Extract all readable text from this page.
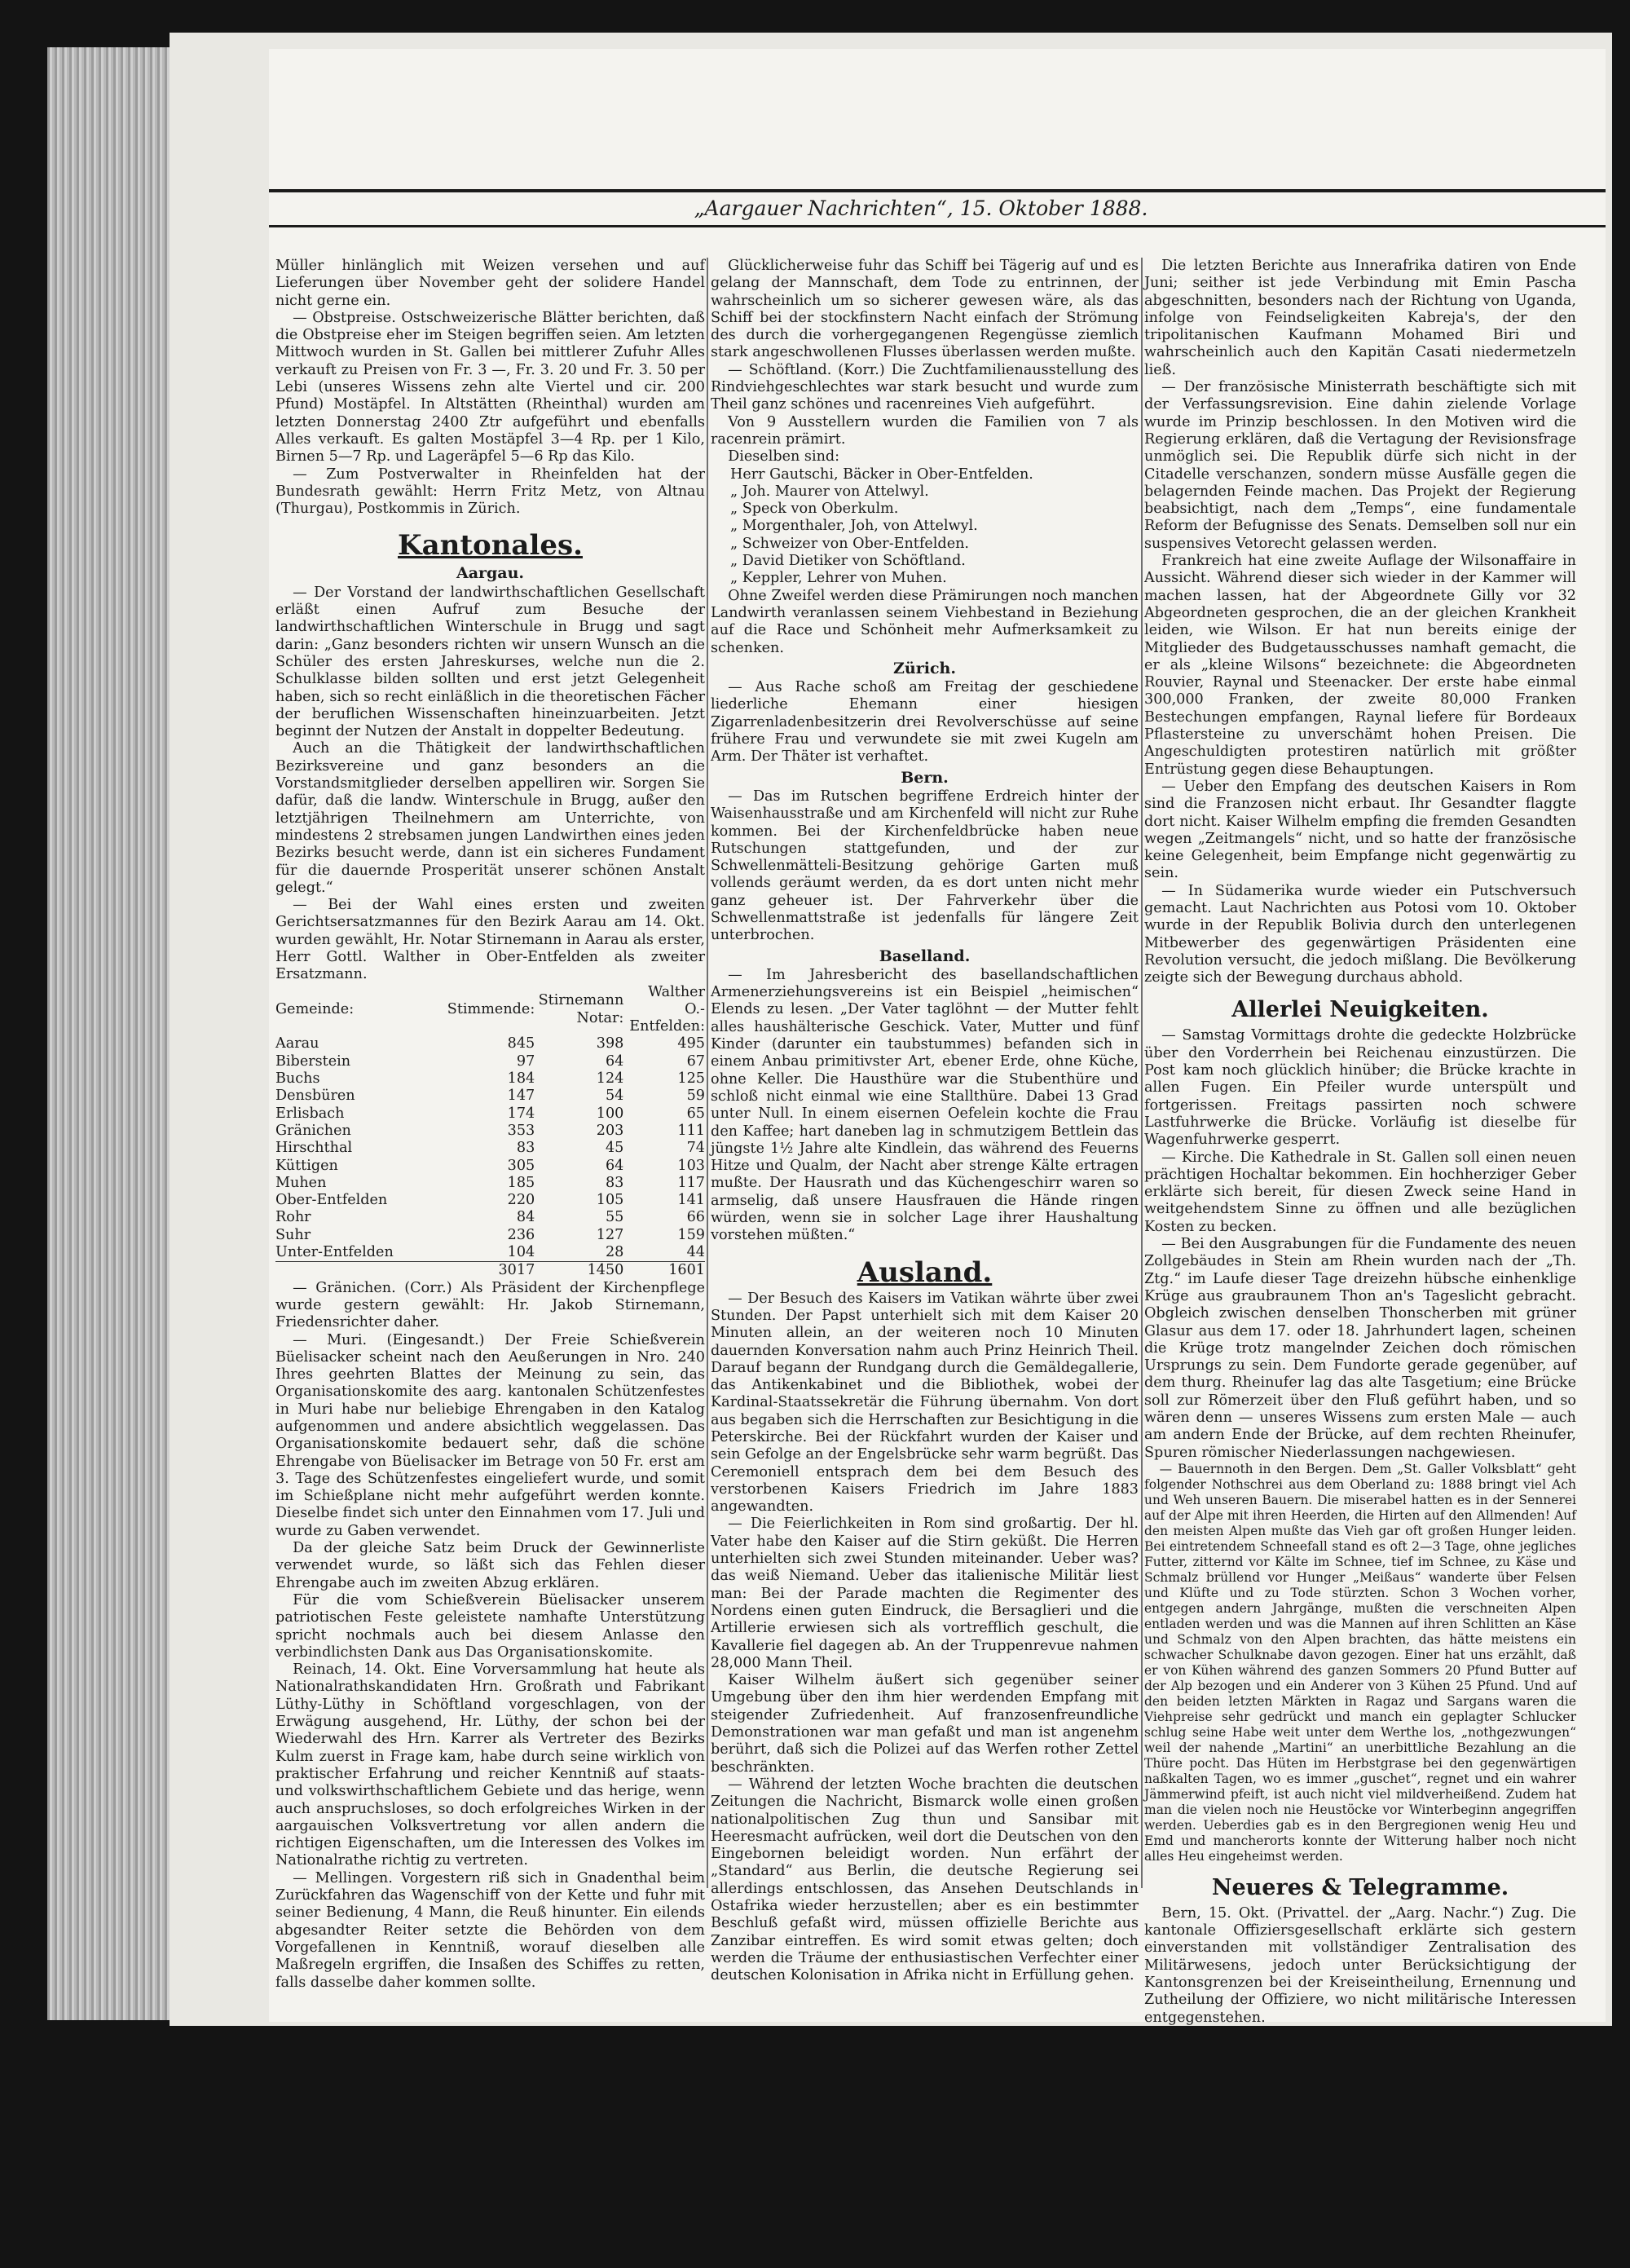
„Aargauer Nachrichten“, 15. Oktober 1888.

Müller hinlänglich mit Weizen versehen und auf Lieferungen über November geht der solidere Handel nicht gerne ein.

— Obstpreise. Ostschweizerische Blätter berichten, daß die Obstpreise eher im Steigen begriffen seien. Am letzten Mittwoch wurden in St. Gallen bei mittlerer Zufuhr Alles verkauft zu Preisen von Fr. 3 —, Fr. 3. 20 und Fr. 3. 50 per Lebi (unseres Wissens zehn alte Viertel und cir. 200 Pfund) Mostäpfel. In Altstätten (Rheinthal) wurden am letzten Donnerstag 2400 Ztr aufgeführt und ebenfalls Alles verkauft. Es galten Mostäpfel 3—4 Rp. per 1 Kilo, Birnen 5—7 Rp. und Lageräpfel 5—6 Rp das Kilo.

— Zum Postverwalter in Rheinfelden hat der Bundesrath gewählt: Herrn Fritz Metz, von Altnau (Thurgau), Postkommis in Zürich.

Kantonales.

Aargau.

— Der Vorstand der landwirthschaftlichen Gesellschaft erläßt einen Aufruf zum Besuche der landwirthschaftlichen Winterschule in Brugg und sagt darin: „Ganz besonders richten wir unsern Wunsch an die Schüler des ersten Jahreskurses, welche nun die 2. Schulklasse bilden sollten und erst jetzt Gelegenheit haben, sich so recht einläßlich in die theoretischen Fächer der beruflichen Wissenschaften hineinzuarbeiten. Jetzt beginnt der Nutzen der Anstalt in doppelter Bedeutung.

Auch an die Thätigkeit der landwirthschaftlichen Bezirksvereine und ganz besonders an die Vorstandsmitglieder derselben appelliren wir. Sorgen Sie dafür, daß die landw. Winterschule in Brugg, außer den letztjährigen Theilnehmern am Unterrichte, von mindestens 2 strebsamen jungen Landwirthen eines jeden Bezirks besucht werde, dann ist ein sicheres Fundament für die dauernde Prosperität unserer schönen Anstalt gelegt.“

— Bei der Wahl eines ersten und zweiten Gerichtsersatzmannes für den Bezirk Aarau am 14. Okt. wurden gewählt, Hr. Notar Stirnemann in Aarau als erster, Herr Gottl. Walther in Ober-Entfelden als zweiter Ersatzmann.

Gemeinde:	Stimmende:	Stirnemann Notar:	Walther O.-Entfelden:
Aarau	845	398	495
Biberstein	97	64	67
Buchs	184	124	125
Densbüren	147	54	59
Erlisbach	174	100	65
Gränichen	353	203	111
Hirschthal	83	45	74
Küttigen	305	64	103
Muhen	185	83	117
Ober-Entfelden	220	105	141
Rohr	84	55	66
Suhr	236	127	159
Unter-Entfelden	104	28	44
	3017	1450	1601

— Gränichen. (Corr.) Als Präsident der Kirchenpflege wurde gestern gewählt: Hr. Jakob Stirnemann, Friedensrichter daher.

— Muri. (Eingesandt.) Der Freie Schießverein Büelisacker scheint nach den Aeußerungen in Nro. 240 Ihres geehrten Blattes der Meinung zu sein, das Organisationskomite des aarg. kantonalen Schützenfestes in Muri habe nur beliebige Ehrengaben in den Katalog aufgenommen und andere absichtlich weggelassen. Das Organisationskomite bedauert sehr, daß die schöne Ehrengabe von Büelisacker im Betrage von 50 Fr. erst am 3. Tage des Schützenfestes eingeliefert wurde, und somit im Schießplane nicht mehr aufgeführt werden konnte. Dieselbe findet sich unter den Einnahmen vom 17. Juli und wurde zu Gaben verwendet.

Da der gleiche Satz beim Druck der Gewinnerliste verwendet wurde, so läßt sich das Fehlen dieser Ehrengabe auch im zweiten Abzug erklären.

Für die vom Schießverein Büelisacker unserem patriotischen Feste geleistete namhafte Unterstützung spricht nochmals auch bei diesem Anlasse den verbindlichsten Dank aus Das Organisationskomite.

Reinach, 14. Okt. Eine Vorversammlung hat heute als Nationalrathskandidaten Hrn. Großrath und Fabrikant Lüthy-Lüthy in Schöftland vorgeschlagen, von der Erwägung ausgehend, Hr. Lüthy, der schon bei der Wiederwahl des Hrn. Karrer als Vertreter des Bezirks Kulm zuerst in Frage kam, habe durch seine wirklich von praktischer Erfahrung und reicher Kenntniß auf staats- und volkswirthschaftlichem Gebiete und das herige, wenn auch anspruchsloses, so doch erfolgreiches Wirken in der aargauischen Volksvertretung vor allen andern die richtigen Eigenschaften, um die Interessen des Volkes im Nationalrathe richtig zu vertreten.

— Mellingen. Vorgestern riß sich in Gnadenthal beim Zurückfahren das Wagenschiff von der Kette und fuhr mit seiner Bedienung, 4 Mann, die Reuß hinunter. Ein eilends abgesandter Reiter setzte die Behörden von dem Vorgefallenen in Kenntniß, worauf dieselben alle Maßregeln ergriffen, die Insaßen des Schiffes zu retten, falls dasselbe daher kommen sollte.

Glücklicherweise fuhr das Schiff bei Tägerig auf und es gelang der Mannschaft, dem Tode zu entrinnen, der wahrscheinlich um so sicherer gewesen wäre, als das Schiff bei der stockfinstern Nacht einfach der Strömung des durch die vorhergegangenen Regengüsse ziemlich stark angeschwollenen Flusses überlassen werden mußte.

— Schöftland. (Korr.) Die Zuchtfamilienausstellung des Rindviehgeschlechtes war stark besucht und wurde zum Theil ganz schönes und racenreines Vieh aufgeführt.

Von 9 Ausstellern wurden die Familien von 7 als racenrein prämirt.

Dieselben sind:

Herr Gautschi, Bäcker in Ober-Entfelden.
„ Joh. Maurer von Attelwyl.
„ Speck von Oberkulm.
„ Morgenthaler, Joh, von Attelwyl.
„ Schweizer von Ober-Entfelden.
„ David Dietiker von Schöftland.
„ Keppler, Lehrer von Muhen.

Ohne Zweifel werden diese Prämirungen noch manchen Landwirth veranlassen seinem Viehbestand in Beziehung auf die Race und Schönheit mehr Aufmerksamkeit zu schenken.

Zürich.

— Aus Rache schoß am Freitag der geschiedene liederliche Ehemann einer hiesigen Zigarrenladenbesitzerin drei Revolverschüsse auf seine frühere Frau und verwundete sie mit zwei Kugeln am Arm. Der Thäter ist verhaftet.

Bern.

— Das im Rutschen begriffene Erdreich hinter der Waisenhausstraße und am Kirchenfeld will nicht zur Ruhe kommen. Bei der Kirchenfeldbrücke haben neue Rutschungen stattgefunden, und der zur Schwellenmätteli-Besitzung gehörige Garten muß vollends geräumt werden, da es dort unten nicht mehr ganz geheuer ist. Der Fahrverkehr über die Schwellenmattstraße ist jedenfalls für längere Zeit unterbrochen.

Baselland.

— Im Jahresbericht des basellandschaftlichen Armenerziehungsvereins ist ein Beispiel „heimischen“ Elends zu lesen. „Der Vater taglöhnt — der Mutter fehlt alles haushälterische Geschick. Vater, Mutter und fünf Kinder (darunter ein taubstummes) befanden sich in einem Anbau primitivster Art, ebener Erde, ohne Küche, ohne Keller. Die Hausthüre war die Stubenthüre und schloß nicht einmal wie eine Stallthüre. Dabei 13 Grad unter Null. In einem eisernen Oefelein kochte die Frau den Kaffee; hart daneben lag in schmutzigem Bettlein das jüngste 1½ Jahre alte Kindlein, das während des Feuerns Hitze und Qualm, der Nacht aber strenge Kälte ertragen mußte. Der Hausrath und das Küchengeschirr waren so armselig, daß unsere Hausfrauen die Hände ringen würden, wenn sie in solcher Lage ihrer Haushaltung vorstehen müßten.“

Ausland.

— Der Besuch des Kaisers im Vatikan währte über zwei Stunden. Der Papst unterhielt sich mit dem Kaiser 20 Minuten allein, an der weiteren noch 10 Minuten dauernden Konversation nahm auch Prinz Heinrich Theil. Darauf begann der Rundgang durch die Gemäldegallerie, das Antikenkabinet und die Bibliothek, wobei der Kardinal-Staatssekretär die Führung übernahm. Von dort aus begaben sich die Herrschaften zur Besichtigung in die Peterskirche. Bei der Rückfahrt wurden der Kaiser und sein Gefolge an der Engelsbrücke sehr warm begrüßt. Das Ceremoniell entsprach dem bei dem Besuch des verstorbenen Kaisers Friedrich im Jahre 1883 angewandten.

— Die Feierlichkeiten in Rom sind großartig. Der hl. Vater habe den Kaiser auf die Stirn geküßt. Die Herren unterhielten sich zwei Stunden miteinander. Ueber was? das weiß Niemand. Ueber das italienische Militär liest man: Bei der Parade machten die Regimenter des Nordens einen guten Eindruck, die Bersaglieri und die Artillerie erwiesen sich als vortrefflich geschult, die Kavallerie fiel dagegen ab. An der Truppenrevue nahmen 28,000 Mann Theil.

Kaiser Wilhelm äußert sich gegenüber seiner Umgebung über den ihm hier werdenden Empfang mit steigender Zufriedenheit. Auf franzosenfreundliche Demonstrationen war man gefaßt und man ist angenehm berührt, daß sich die Polizei auf das Werfen rother Zettel beschränkten.

— Während der letzten Woche brachten die deutschen Zeitungen die Nachricht, Bismarck wolle einen großen nationalpolitischen Zug thun und Sansibar mit Heeresmacht aufrücken, weil dort die Deutschen von den Eingebornen beleidigt worden. Nun erfährt der „Standard“ aus Berlin, die deutsche Regierung sei allerdings entschlossen, das Ansehen Deutschlands in Ostafrika wieder herzustellen; aber es ein bestimmter Beschluß gefaßt wird, müssen offizielle Berichte aus Zanzibar eintreffen. Es wird somit etwas gelten; doch werden die Träume der enthusiastischen Verfechter einer deutschen Kolonisation in Afrika nicht in Erfüllung gehen.

Die letzten Berichte aus Innerafrika datiren von Ende Juni; seither ist jede Verbindung mit Emin Pascha abgeschnitten, besonders nach der Richtung von Uganda, infolge von Feindseligkeiten Kabreja's, der den tripolitanischen Kaufmann Mohamed Biri und wahrscheinlich auch den Kapitän Casati niedermetzeln ließ.

— Der französische Ministerrath beschäftigte sich mit der Verfassungsrevision. Eine dahin zielende Vorlage wurde im Prinzip beschlossen. In den Motiven wird die Regierung erklären, daß die Vertagung der Revisionsfrage unmöglich sei. Die Republik dürfe sich nicht in der Citadelle verschanzen, sondern müsse Ausfälle gegen die belagernden Feinde machen. Das Projekt der Regierung beabsichtigt, nach dem „Temps“, eine fundamentale Reform der Befugnisse des Senats. Demselben soll nur ein suspensives Vetorecht gelassen werden.

Frankreich hat eine zweite Auflage der Wilsonaffaire in Aussicht. Während dieser sich wieder in der Kammer will machen lassen, hat der Abgeordnete Gilly vor 32 Abgeordneten gesprochen, die an der gleichen Krankheit leiden, wie Wilson. Er hat nun bereits einige der Mitglieder des Budgetausschusses namhaft gemacht, die er als „kleine Wilsons“ bezeichnete: die Abgeordneten Rouvier, Raynal und Steenacker. Der erste habe einmal 300,000 Franken, der zweite 80,000 Franken Bestechungen empfangen, Raynal liefere für Bordeaux Pflastersteine zu unverschämt hohen Preisen. Die Angeschuldigten protestiren natürlich mit größter Entrüstung gegen diese Behauptungen.

— Ueber den Empfang des deutschen Kaisers in Rom sind die Franzosen nicht erbaut. Ihr Gesandter flaggte dort nicht. Kaiser Wilhelm empfing die fremden Gesandten wegen „Zeitmangels“ nicht, und so hatte der französische keine Gelegenheit, beim Empfange nicht gegenwärtig zu sein.

— In Südamerika wurde wieder ein Putschversuch gemacht. Laut Nachrichten aus Potosi vom 10. Oktober wurde in der Republik Bolivia durch den unterlegenen Mitbewerber des gegenwärtigen Präsidenten eine Revolution versucht, die jedoch mißlang. Die Bevölkerung zeigte sich der Bewegung durchaus abhold.

Allerlei Neuigkeiten.

— Samstag Vormittags drohte die gedeckte Holzbrücke über den Vorderrhein bei Reichenau einzustürzen. Die Post kam noch glücklich hinüber; die Brücke krachte in allen Fugen. Ein Pfeiler wurde unterspült und fortgerissen. Freitags passirten noch schwere Lastfuhrwerke die Brücke. Vorläufig ist dieselbe für Wagenfuhrwerke gesperrt.

— Kirche. Die Kathedrale in St. Gallen soll einen neuen prächtigen Hochaltar bekommen. Ein hochherziger Geber erklärte sich bereit, für diesen Zweck seine Hand in weitgehendstem Sinne zu öffnen und alle bezüglichen Kosten zu becken.

— Bei den Ausgrabungen für die Fundamente des neuen Zollgebäudes in Stein am Rhein wurden nach der „Th. Ztg.“ im Laufe dieser Tage dreizehn hübsche einhenklige Krüge aus graubraunem Thon an's Tageslicht gebracht. Obgleich zwischen denselben Thonscherben mit grüner Glasur aus dem 17. oder 18. Jahrhundert lagen, scheinen die Krüge trotz mangelnder Zeichen doch römischen Ursprungs zu sein. Dem Fundorte gerade gegenüber, auf dem thurg. Rheinufer lag das alte Tasgetium; eine Brücke soll zur Römerzeit über den Fluß geführt haben, und so wären denn — unseres Wissens zum ersten Male — auch am andern Ende der Brücke, auf dem rechten Rheinufer, Spuren römischer Niederlassungen nachgewiesen.

— Bauernnoth in den Bergen. Dem „St. Galler Volksblatt“ geht folgender Nothschrei aus dem Oberland zu: 1888 bringt viel Ach und Weh unseren Bauern. Die miserabel hatten es in der Sennerei auf der Alpe mit ihren Heerden, die Hirten auf den Allmenden! Auf den meisten Alpen mußte das Vieh gar oft großen Hunger leiden. Bei eintretendem Schneefall stand es oft 2—3 Tage, ohne jegliches Futter, zitternd vor Kälte im Schnee, tief im Schnee, zu Käse und Schmalz brüllend vor Hunger „Meißaus“ wanderte über Felsen und Klüfte und zu Tode stürzten. Schon 3 Wochen vorher, entgegen andern Jahrgänge, mußten die verschneiten Alpen entladen werden und was die Mannen auf ihren Schlitten an Käse und Schmalz von den Alpen brachten, das hätte meistens ein schwacher Schulknabe davon gezogen. Einer hat uns erzählt, daß er von Kühen während des ganzen Sommers 20 Pfund Butter auf der Alp bezogen und ein Anderer von 3 Kühen 25 Pfund. Und auf den beiden letzten Märkten in Ragaz und Sargans waren die Viehpreise sehr gedrückt und manch ein geplagter Schlucker schlug seine Habe weit unter dem Werthe los, „nothgezwungen“ weil der nahende „Martini“ an unerbittliche Bezahlung an die Thüre pocht. Das Hüten im Herbstgrase bei den gegenwärtigen naßkalten Tagen, wo es immer „guschet“, regnet und ein wahrer Jämmerwind pfeift, ist auch nicht viel mildverheißend. Zudem hat man die vielen noch nie Heustöcke vor Winterbeginn angegriffen werden. Ueberdies gab es in den Bergregionen wenig Heu und Emd und mancherorts konnte der Witterung halber noch nicht alles Heu eingeheimst werden.

Neueres & Telegramme.

Bern, 15. Okt. (Privattel. der „Aarg. Nachr.“) Zug. Die kantonale Offiziersgesellschaft erklärte sich gestern einverstanden mit vollständiger Zentralisation des Militärwesens, jedoch unter Berücksichtigung der Kantonsgrenzen bei der Kreiseintheilung, Ernennung und Zutheilung der Offiziere, wo nicht militärische Interessen entgegenstehen.
